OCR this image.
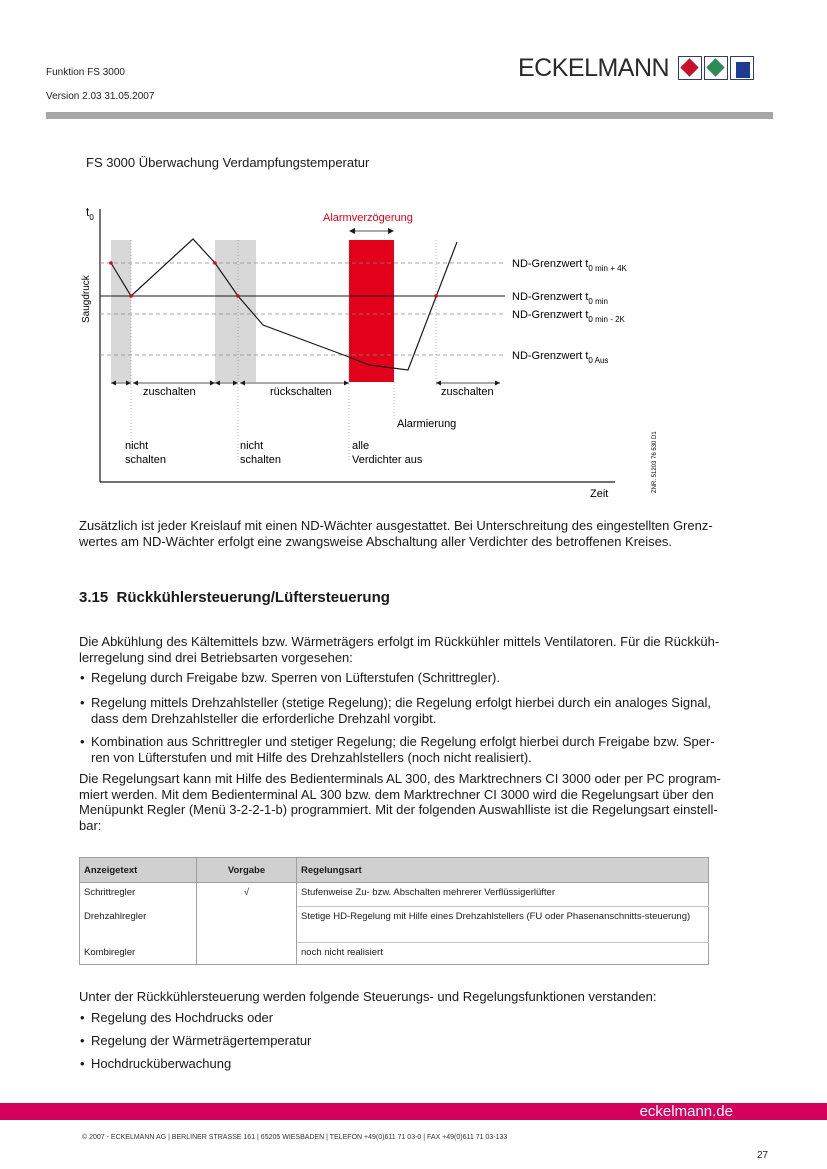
Funktion FS 3000
Version 2.03 31.05.2007
ECKELMANN
FS 3000 Überwachung Verdampfungstemperatur
$t_0$
Saugdruck
Zeit
Alarmverzögerung
ND-Grenzwert $t_{0 min + 4K}$
ND-Grenzwert $t_{0 min}$
ND-Grenzwert $t_{0 min - 2K}$
ND-Grenzwert $t_{0 Aus}$
zuschalten	rückschalten	zuschalten
Alarmierung
nicht
schalten
nicht
schalten
alle
Verdichter aus	ZNR. 51203 76 530 D1
Zusätzlich ist jeder Kreislauf mit einen ND-Wächter ausgestattet. Bei Unterschreitung des eingestellten Grenz-
wertes am ND-Wächter erfolgt eine zwangsweise Abschaltung aller Verdichter des betroffenen Kreises.
3.15 Rückkühlersteuerung/Lüftersteuerung
Die Abkühlung des Kältemittels bzw. Wärmeträgers erfolgt im Rückkühler mittels Ventilatoren. Für die Rückküh-
lerregelung sind drei Betriebsarten vorgesehen:
• Regelung durch Freigabe bzw. Sperren von Lüfterstufen (Schrittregler).
• Regelung mittels Drehzahlsteller (stetige Regelung); die Regelung erfolgt hierbei durch ein analoges Signal,
dass dem Drehzahlsteller die erforderliche Drehzahl vorgibt.
• Kombination aus Schrittregler und stetiger Regelung; die Regelung erfolgt hierbei durch Freigabe bzw. Sper-
ren von Lüfterstufen und mit Hilfe des Drehzahlstellers (noch nicht realisiert).
Die Regelungsart kann mit Hilfe des Bedienterminals AL 300, des Marktrechners CI 3000 oder per PC program-
miert werden. Mit dem Bedienterminal AL 300 bzw. dem Marktrechner CI 3000 wird die Regelungsart über den
Menüpunkt Regler (Menü 3-2-2-1-b) programmiert. Mit der folgenden Auswahlliste ist die Regelungsart einstell-
bar:
Anzeigetext	Vorgabe	Regelungsart
Schrittregler	√	Stufenweise Zu- bzw. Abschalten mehrerer Verflüssigerlüfter
Drehzahlregler		Stetige HD-Regelung mit Hilfe eines Drehzahlstellers (FU oder Phasenanschnitts-steuerung)
Kombiregler		noch nicht realisiert
Unter der Rückkühlersteuerung werden folgende Steuerungs- und Regelungsfunktionen verstanden:
• Regelung des Hochdrucks oder
• Regelung der Wärmeträgertemperatur
• Hochdrucküberwachung
eckelmann.de
© 2007 - ECKELMANN AG | BERLINER STRASSE 161 | 65205 WIESBADEN | TELEFON +49(0)611 71 03-0 | FAX +49(0)611 71 03-133
27
